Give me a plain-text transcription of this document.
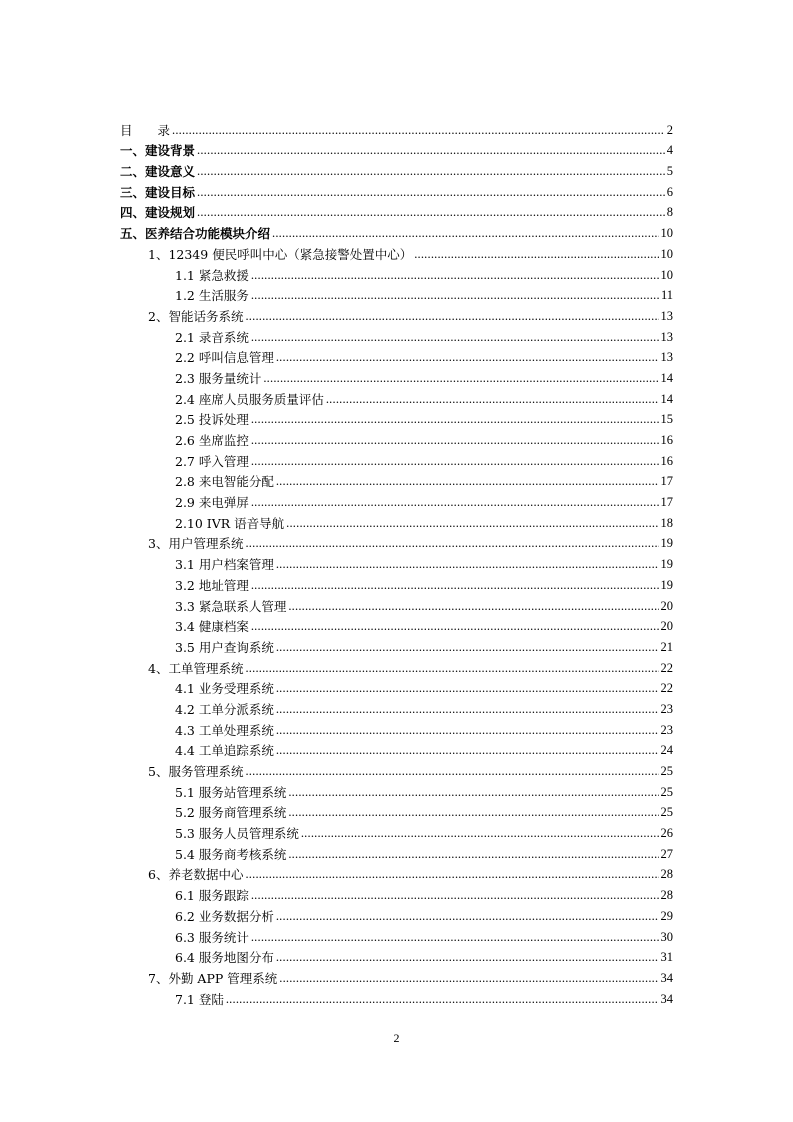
目　　录 .....	2
一、建设背景 .....	4
二、建设意义 .....	5
三、建设目标 .....	6
四、建设规划 .....	8
五、医养结合功能模块介绍 .....	10
1、12349 便民呼叫中心（紧急接警处置中心） .....	10
1.1 紧急救援 .....	10
1.2 生活服务 .....	11
2、智能话务系统 .....	13
2.1 录音系统 .....	13
2.2 呼叫信息管理 .....	13
2.3 服务量统计 .....	14
2.4 座席人员服务质量评估 .....	14
2.5 投诉处理 .....	15
2.6 坐席监控 .....	16
2.7 呼入管理 .....	16
2.8 来电智能分配 .....	17
2.9 来电弹屏 .....	17
2.10 IVR 语音导航 .....	18
3、用户管理系统 .....	19
3.1 用户档案管理 .....	19
3.2 地址管理 .....	19
3.3 紧急联系人管理 .....	20
3.4 健康档案 .....	20
3.5 用户查询系统 .....	21
4、工单管理系统 .....	22
4.1 业务受理系统 .....	22
4.2 工单分派系统 .....	23
4.3 工单处理系统 .....	23
4.4 工单追踪系统 .....	24
5、服务管理系统 .....	25
5.1 服务站管理系统 .....	25
5.2 服务商管理系统 .....	25
5.3 服务人员管理系统 .....	26
5.4 服务商考核系统 .....	27
6、养老数据中心 .....	28
6.1 服务跟踪 .....	28
6.2 业务数据分析 .....	29
6.3 服务统计 .....	30
6.4 服务地图分布 .....	31
7、外勤 APP 管理系统 .....	34
7.1 登陆 .....	34
2
